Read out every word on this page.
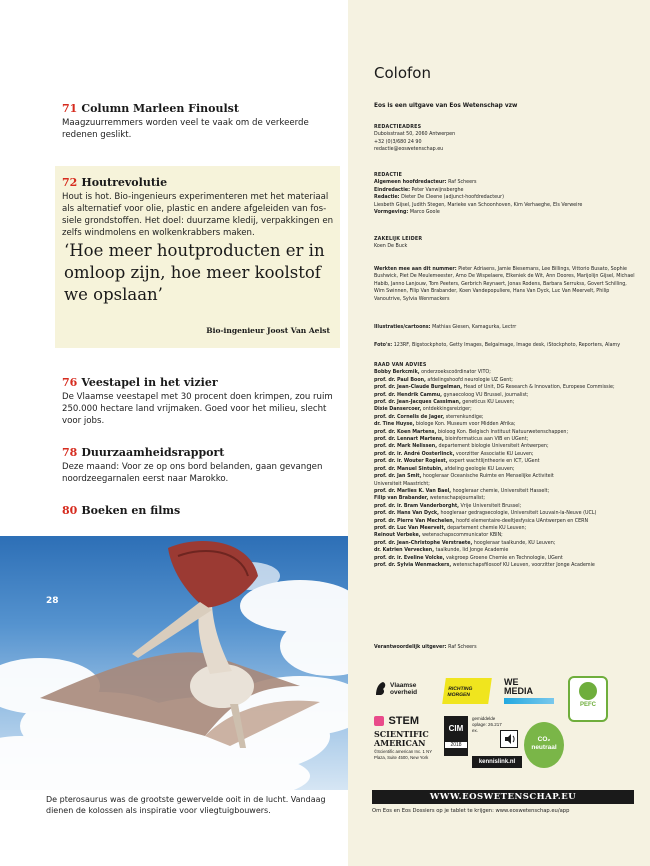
71 Column Marleen Finoulst
Maagzuurremmers worden veel te vaak om de verkeerde redenen geslikt.
72 Houtrevolutie
Hout is hot. Bio-ingenieurs experimenteren met het materiaal als alternatief voor olie, plastic en andere afgeleiden van fos-siele grondstoffen. Het doel: duurzame kledij, verpakkingen en zelfs windmolens en wolkenkrabbers maken.
‘Hoe meer houtproducten er in omloop zijn, hoe meer koolstof we opslaan’
Bio-ingenieur Joost Van Aelst
76 Veestapel in het vizier
De Vlaamse veestapel met 30 procent doen krimpen, zou ruim 250.000 hectare land vrijmaken. Goed voor het milieu, slecht voor jobs.
78 Duurzaamheidsrapport
Deze maand: Voor ze op ons bord belanden, gaan gevangen noordzeegarnalen eerst naar Marokko.
80 Boeken en films
28
De pterosaurus was de grootste gewervelde ooit in de lucht. Vandaag dienen de kolossen als inspiratie voor vliegtuigbouwers.
Colofon
Eos is een uitgave van Eos Wetenschap vzw
REDACTIEADRES
Duboisstraat 50, 2060 Antwerpen
+32 (0)3/680 24 90
redactie@eoswetenschap.eu
REDACTIE
Algemeen hoofdredacteur: Raf Scheers
Eindredactie: Peter Vanwijnsberghe
Redactie: Dieter De Cleene (adjunct-hoofdredacteur)
Liesbeth Gijsel, Judith Stegen, Marieke van Schoonhoven, Kim Verhaeghe, Els Verweire
Vormgeving: Marco Goole
ZAKELIJK LEIDER
Koen De Buck
Werkten mee aan dit nummer: Pieter Adriaens, Jamie Biesemans, Lee Billings, Vittorio Busato, Sophie Bushwick, Piet De Meulemeester, Arno De Wispelaere, Elkeniek de Wit, Ann Doores, Marijolijn Gijsel, Michael Habib, Janno Lanjouw, Tom Peeters, Gerbrich Reynaert, Jonas Rodens, Barbara Serrukss, Govert Schilling, Wim Swinnen, Filip Van Brabander, Koen Vandepopuliere, Hans Van Dyck, Luc Van Meervelt, Philip Vanoutrive, Sylvia Wenmackers
Illustraties/cartoons: Mathias Giesen, Kamagurka, Lectrr
Foto's: 123RF, Bigstockphoto, Getty Images, Belgaimage, Image desk, iStockphoto, Reporters, Alamy
RAAD VAN ADVIES
Bobby Berkcmik, onderzoekscoördinator VITO;
prof. dr. Paul Boon, afdelingshoofd neurologie UZ Gent;
prof. dr. Jean-Claude Burgelman, Head of Unit, DG Research & Innovation, Europese Commissie;
prof. dr. Hendrik Cammu, gynaecoloog VU Brussel, journalist;
prof. dr. Jean-Jacques Cassiman, geneticus KU Leuven;
Dixie Dansercoer, ontdekkingsreiziger;
prof. dr. Cornelis de Jager, sterrenkundige;
dr. Tine Huyse, biologe Kon. Museum voor Midden Afrika;
prof. dr. Koen Martens, bioloog Kon. Belgisch Instituut Natuurwetenschappen;
prof. dr. Lennart Martens, bioinformaticus aan VIB en UGent;
prof. dr. Mark Nelissen, departement biologie Universiteit Antwerpen;
prof. dr. ir. André Oosterlinck, voorzitter Associatie KU Leuven;
prof. dr. ir. Wouter Rogiest, expert wachtlijntheorie en ICT, UGent
prof. dr. Manuel Sintubin, afdeling geologie KU Leuven;
prof. dr. Jan Smit, hoogleraar Oceanische Ruimte en Menselijke Activiteit
Universiteit Maastricht;
prof. dr. Marlies K. Van Bael, hoogleraar chemie, Universiteit Hasselt;
Filip van Brabander, wetenschapsjournalist;
prof. dr. ir. Bram Vanderborght, Vrije Universiteit Brussel;
prof. dr. Hans Van Dyck, hoogleraar gedragsecologie, Universiteit Louvain-la-Neuve (UCL)
prof. dr. Pierre Van Mechelen, hoofd elementaire-deeltjesfysica UAntwerpen en CERN
prof. dr. Luc Van Meervelt, departement chemie KU Leuven;
Reinout Verbeke, wetenschapscommunicator KBIN;
prof. dr. Jean-Christophe Verstraete, hoogleraar taalkunde, KU Leuven;
dr. Katrien Vervecken, taalkunde, lid Jonge Academie
prof. dr. ir. Eveline Volcke, vakgroep Groene Chemie en Technologie, UGent
prof. dr. Sylvia Wenmackers, wetenschapsfilosoof KU Leuven, voorzitter Jonge Academie
Verantwoordelijk uitgever: Raf Scheers
Vlaamse overheid	RICHTING MORGEN
WE MEDIA
PEFC
STEM
SCIENTIFIC
AMERICAN
©Scientific american Inc. 1 NY Plaza, Suite 4500, New York
CIM
2018
gemiddelde oplage: 26.217 ex.
kennislink.nl
CO₂ neutraal
WWW.EOSWETENSCHAP.EU
Om Eos en Eos Dossiers op je tablet te krijgen: www.eoswetenschap.eu/app
